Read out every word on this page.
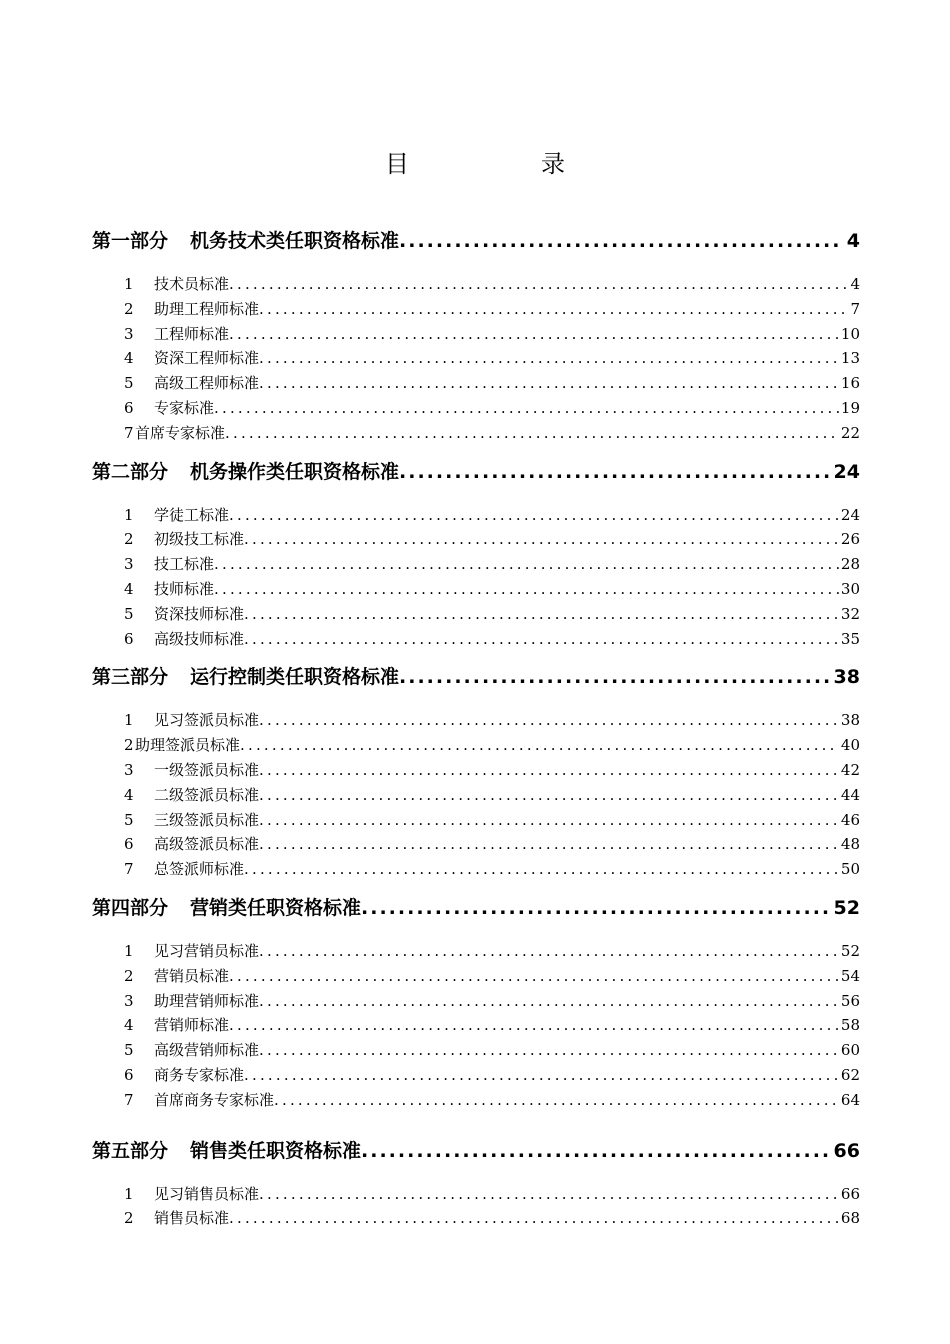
目　录
第一部分 机务技术类任职资格标准 .....	4
1	技术员标准 .....	4
2	助理工程师标准 .....	7
3	工程师标准 .....	10
4	资深工程师标准 .....	13
5	高级工程师标准 .....	16
6	专家标准 .....	19
7 首席专家标准 .....	22
第二部分 机务操作类任职资格标准 .....	24
1	学徒工标准 .....	24
2	初级技工标准 .....	26
3	技工标准 .....	28
4	技师标准 .....	30
5	资深技师标准 .....	32
6	高级技师标准 .....	35
第三部分 运行控制类任职资格标准 .....	38
1	见习签派员标准 .....	38
2 助理签派员标准 .....	40
3	一级签派员标准 .....	42
4	二级签派员标准 .....	44
5	三级签派员标准 .....	46
6	高级签派员标准 .....	48
7	总签派师标准 .....	50
第四部分 营销类任职资格标准 .....	52
1	见习营销员标准 .....	52
2	营销员标准 .....	54
3	助理营销师标准 .....	56
4	营销师标准 .....	58
5	高级营销师标准 .....	60
6	商务专家标准 .....	62
7	首席商务专家标准 .....	64
第五部分 销售类任职资格标准 .....	66
1	见习销售员标准 .....	66
2	销售员标准 .....	68
